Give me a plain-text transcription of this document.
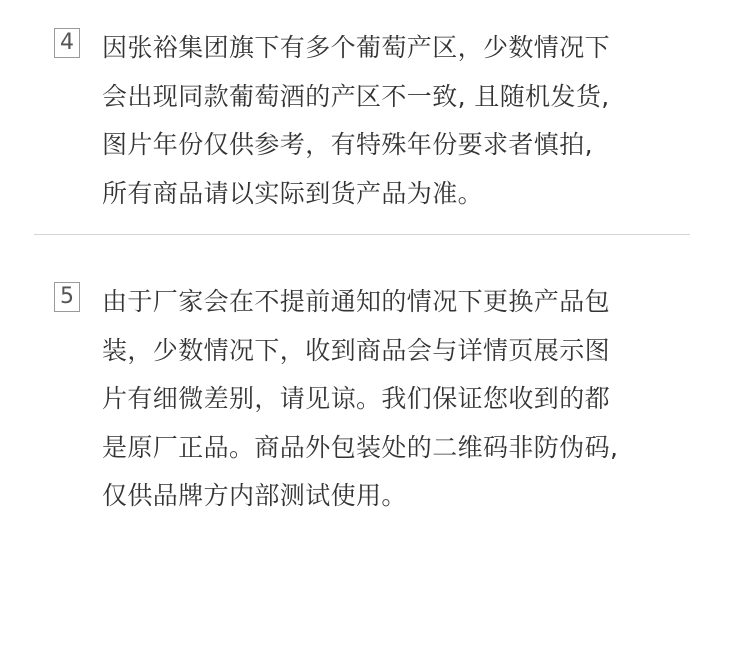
4 因张裕集团旗下有多个葡萄产区，少数情况下
会出现同款葡萄酒的产区不一致, 且随机发货,
图片年份仅供参考，有特殊年份要求者慎拍,
所有商品请以实际到货产品为准。

5 由于厂家会在不提前通知的情况下更换产品包
装，少数情况下，收到商品会与详情页展示图
片有细微差别，请见谅。我们保证您收到的都
是原厂正品。商品外包装处的二维码非防伪码,
仅供品牌方内部测试使用。
